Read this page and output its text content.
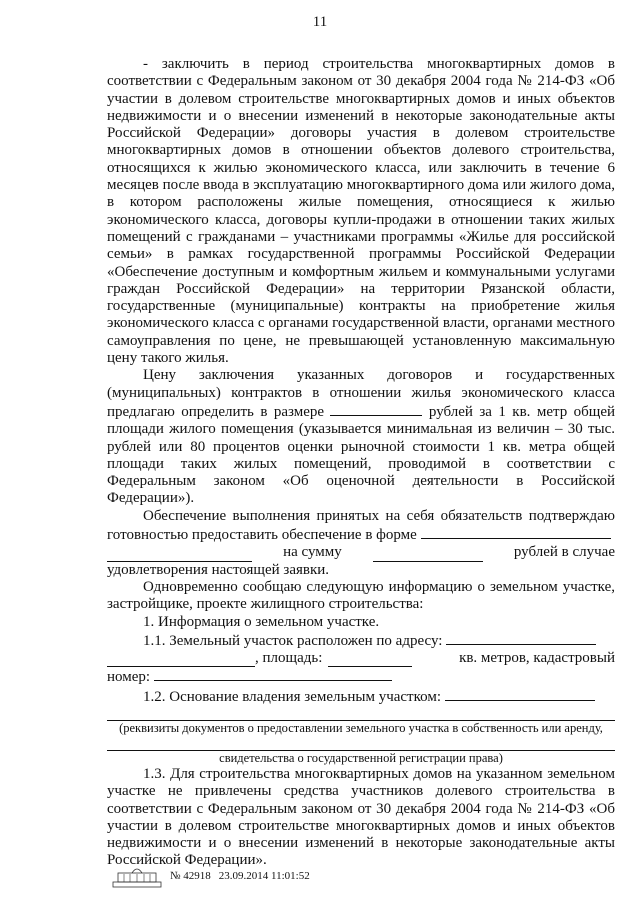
11

- заключить в период строительства многоквартирных домов в соответствии с Федеральным законом от 30 декабря 2004 года № 214-ФЗ «Об участии в долевом строительстве многоквартирных домов и иных объектов недвижимости и о внесении изменений в некоторые законодательные акты Российской Федерации» договоры участия в долевом строительстве многоквартирных домов в отношении объектов долевого строительства, относящихся к жилью экономического класса, или заключить в течение 6 месяцев после ввода в эксплуатацию многоквартирного дома или жилого дома, в котором расположены жилые помещения, относящиеся к жилью экономического класса, договоры купли-продажи в отношении таких жилых помещений с гражданами – участниками программы «Жилье для российской семьи» в рамках государственной программы Российской Федерации «Обеспечение доступным и комфортным жильем и коммунальными услугами граждан Российской Федерации» на территории Рязанской области, государственные (муниципальные) контракты на приобретение жилья экономического класса с органами государственной власти, органами местного самоуправления по цене, не превышающей установленную максимальную цену такого жилья.

Цену заключения указанных договоров и государственных (муниципальных) контрактов в отношении жилья экономического класса предлагаю определить в размере	рублей за 1 кв. метр общей площади жилого помещения (указывается минимальная из величин – 30 тыс. рублей или 80 процентов оценки рыночной стоимости 1 кв. метра общей площади таких жилых помещений, проводимой в соответствии с Федеральным законом «Об оценочной деятельности в Российской Федерации»).

Обеспечение выполнения принятых на себя обязательств подтверждаю готовностью предоставить обеспечение в форме

на сумму	рублей в случае

удовлетворения настоящей заявки.

Одновременно сообщаю следующую информацию о земельном участке, застройщике, проекте жилищного строительства:

1. Информация о земельном участке.

1.1. Земельный участок расположен по адресу:

, площадь:	кв. метров, кадастровый

номер:

1.2. Основание владения земельным участком:

(реквизиты документов о предоставлении земельного участка в собственность или аренду,

свидетельства о государственной регистрации права)

1.3. Для строительства многоквартирных домов на указанном земельном участке не привлечены средства участников долевого строительства в соответствии с Федеральным законом от 30 декабря 2004 года № 214-ФЗ «Об участии в долевом строительстве многоквартирных домов и иных объектов недвижимости и о внесении изменений в некоторые законодательные акты Российской Федерации».

№ 42918 23.09.2014 11:01:52
